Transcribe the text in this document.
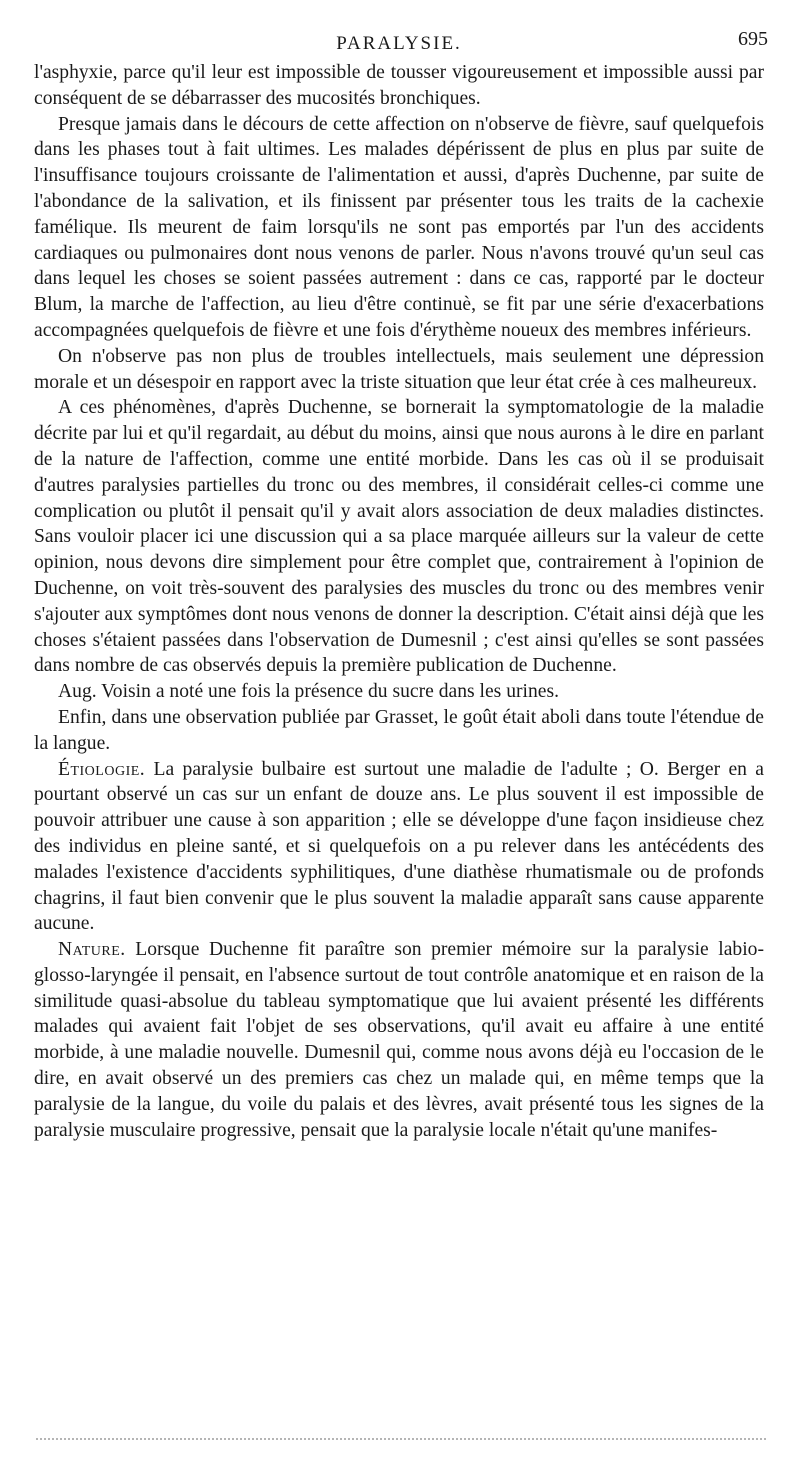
PARALYSIE.	695

l'asphyxie, parce qu'il leur est impossible de tousser vigoureusement et impossible aussi par conséquent de se débarrasser des mucosités bronchiques.

Presque jamais dans le décours de cette affection on n'observe de fièvre, sauf quelquefois dans les phases tout à fait ultimes. Les malades dépérissent de plus en plus par suite de l'insuffisance toujours croissante de l'alimentation et aussi, d'après Duchenne, par suite de l'abondance de la salivation, et ils finissent par présenter tous les traits de la cachexie famélique. Ils meurent de faim lorsqu'ils ne sont pas emportés par l'un des accidents cardiaques ou pulmonaires dont nous venons de parler. Nous n'avons trouvé qu'un seul cas dans lequel les choses se soient passées autrement : dans ce cas, rapporté par le docteur Blum, la marche de l'affection, au lieu d'être continuè, se fit par une série d'exacerbations accompagnées quelquefois de fièvre et une fois d'érythème noueux des membres inférieurs.

On n'observe pas non plus de troubles intellectuels, mais seulement une dépression morale et un désespoir en rapport avec la triste situation que leur état crée à ces malheureux.

A ces phénomènes, d'après Duchenne, se bornerait la symptomatologie de la maladie décrite par lui et qu'il regardait, au début du moins, ainsi que nous aurons à le dire en parlant de la nature de l'affection, comme une entité morbide. Dans les cas où il se produisait d'autres paralysies partielles du tronc ou des membres, il considérait celles-ci comme une complication ou plutôt il pensait qu'il y avait alors association de deux maladies distinctes. Sans vouloir placer ici une discussion qui a sa place marquée ailleurs sur la valeur de cette opinion, nous devons dire simplement pour être complet que, contrairement à l'opinion de Duchenne, on voit très-souvent des paralysies des muscles du tronc ou des membres venir s'ajouter aux symptômes dont nous venons de donner la description. C'était ainsi déjà que les choses s'étaient passées dans l'observation de Dumesnil ; c'est ainsi qu'elles se sont passées dans nombre de cas observés depuis la première publication de Duchenne.

Aug. Voisin a noté une fois la présence du sucre dans les urines.

Enfin, dans une observation publiée par Grasset, le goût était aboli dans toute l'étendue de la langue.

Étiologie. La paralysie bulbaire est surtout une maladie de l'adulte ; O. Berger en a pourtant observé un cas sur un enfant de douze ans. Le plus souvent il est impossible de pouvoir attribuer une cause à son apparition ; elle se développe d'une façon insidieuse chez des individus en pleine santé, et si quelquefois on a pu relever dans les antécédents des malades l'existence d'accidents syphilitiques, d'une diathèse rhumatismale ou de profonds chagrins, il faut bien convenir que le plus souvent la maladie apparaît sans cause apparente aucune.

Nature. Lorsque Duchenne fit paraître son premier mémoire sur la paralysie labio-glosso-laryngée il pensait, en l'absence surtout de tout contrôle anatomique et en raison de la similitude quasi-absolue du tableau symptomatique que lui avaient présenté les différents malades qui avaient fait l'objet de ses observations, qu'il avait eu affaire à une entité morbide, à une maladie nouvelle. Dumesnil qui, comme nous avons déjà eu l'occasion de le dire, en avait observé un des premiers cas chez un malade qui, en même temps que la paralysie de la langue, du voile du palais et des lèvres, avait présenté tous les signes de la paralysie musculaire progressive, pensait que la paralysie locale n'était qu'une manifes-
